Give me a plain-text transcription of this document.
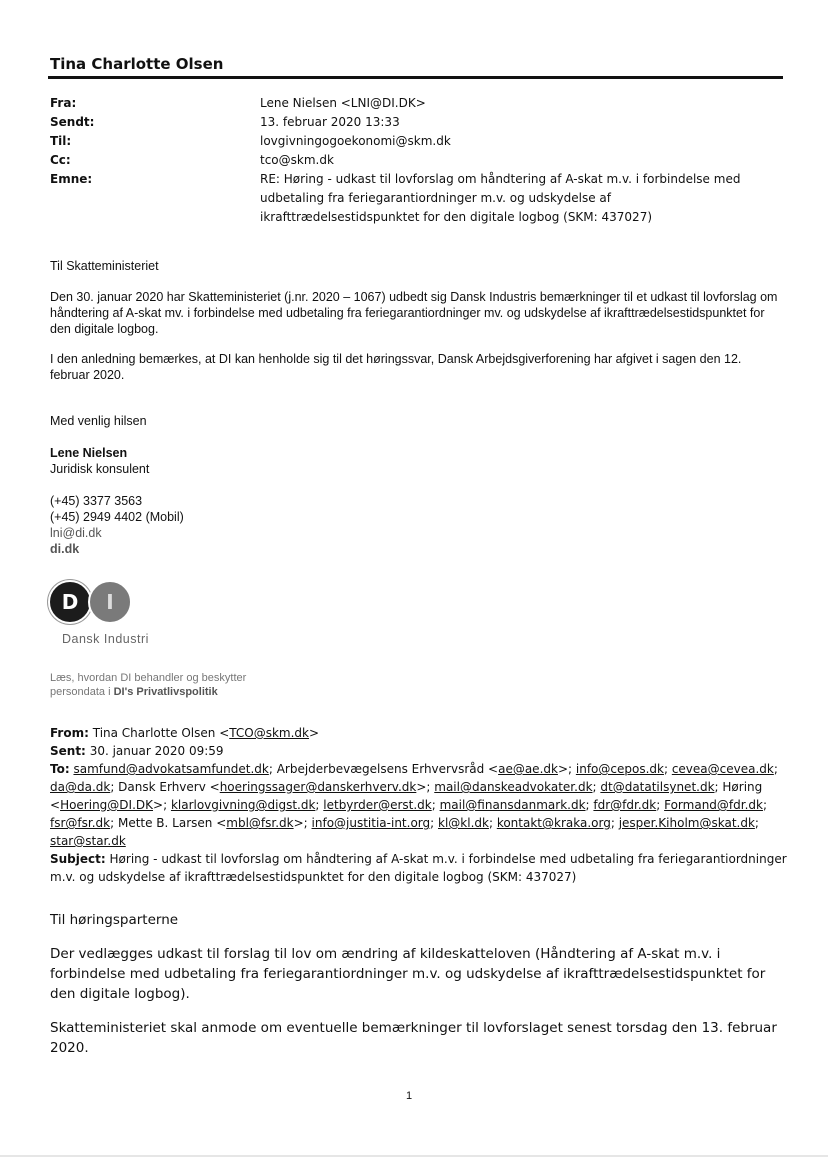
Tina Charlotte Olsen
Fra:	Lene Nielsen <LNI@DI.DK>
Sendt:	13. februar 2020 13:33
Til:	lovgivningogoekonomi@skm.dk
Cc:	tco@skm.dk
Emne:	RE: Høring - udkast til lovforslag om håndtering af A-skat m.v. i forbindelse med udbetaling fra feriegarantiordninger m.v. og udskydelse af ikrafttrædelsestidspunktet for den digitale logbog (SKM: 437027)

Til Skatteministeriet

Den 30. januar 2020 har Skatteministeriet (j.nr. 2020 – 1067) udbedt sig Dansk Industris bemærkninger til et udkast til lovforslag om håndtering af A-skat mv. i forbindelse med udbetaling fra feriegarantiordninger mv. og udskydelse af ikrafttrædelsestidspunktet for den digitale logbog.

I den anledning bemærkes, at DI kan henholde sig til det høringssvar, Dansk Arbejdsgiverforening har afgivet i sagen den 12. februar 2020.

Med venlig hilsen

Lene Nielsen

Juridisk konsulent

(+45) 3377 3563

(+45) 2949 4402 (Mobil)

lni@di.dk

di.dk

D	I
Dansk Industri
Læs, hvordan DI behandler og beskytter
persondata i DI's Privatlivspolitik

From: Tina Charlotte Olsen <TCO@skm.dk>

Sent: 30. januar 2020 09:59

To: samfund@advokatsamfundet.dk; Arbejderbevægelsens Erhvervsråd <ae@ae.dk>; info@cepos.dk; cevea@cevea.dk; da@da.dk; Dansk Erhverv <hoeringssager@danskerhverv.dk>; mail@danskeadvokater.dk; dt@datatilsynet.dk; Høring <Hoering@DI.DK>; klarlovgivning@digst.dk; letbyrder@erst.dk; mail@finansdanmark.dk; fdr@fdr.dk; Formand@fdr.dk; fsr@fsr.dk; Mette B. Larsen <mbl@fsr.dk>; info@justitia-int.org; kl@kl.dk; kontakt@kraka.org; jesper.Kiholm@skat.dk; star@star.dk

Subject: Høring - udkast til lovforslag om håndtering af A-skat m.v. i forbindelse med udbetaling fra feriegarantiordninger m.v. og udskydelse af ikrafttrædelsestidspunktet for den digitale logbog (SKM: 437027)

Til høringsparterne

Der vedlægges udkast til forslag til lov om ændring af kildeskatteloven (Håndtering af A-skat m.v. i forbindelse med udbetaling fra feriegarantiordninger m.v. og udskydelse af ikrafttrædelsestidspunktet for den digitale logbog).

Skatteministeriet skal anmode om eventuelle bemærkninger til lovforslaget senest torsdag den 13. februar 2020.

1
